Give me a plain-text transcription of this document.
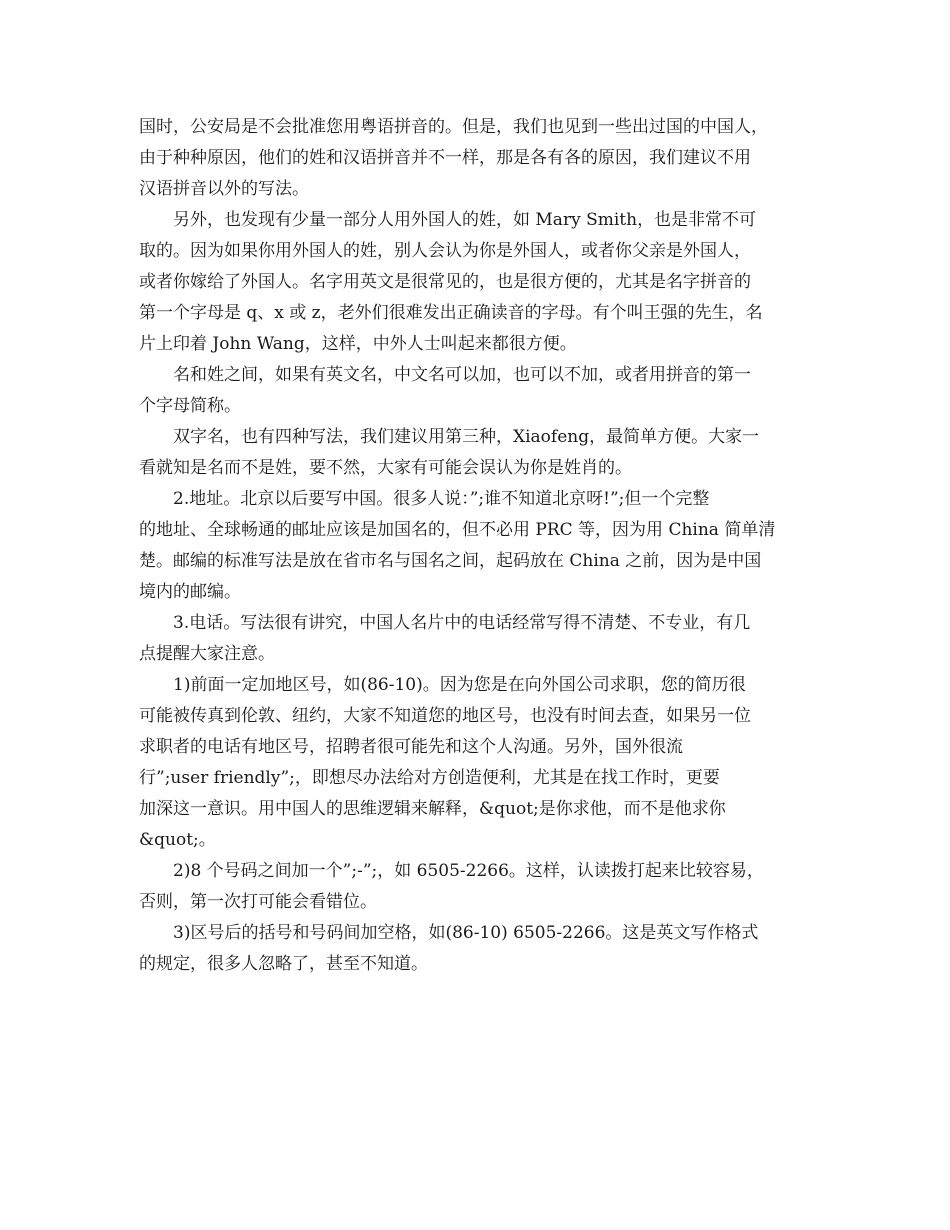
国时，公安局是不会批准您用粤语拼音的。但是，我们也见到一些出过国的中国人，
由于种种原因，他们的姓和汉语拼音并不一样，那是各有各的原因，我们建议不用
汉语拼音以外的写法。
另外，也发现有少量一部分人用外国人的姓，如 Mary Smith，也是非常不可
取的。因为如果你用外国人的姓，别人会认为你是外国人，或者你父亲是外国人，
或者你嫁给了外国人。名字用英文是很常见的，也是很方便的，尤其是名字拼音的
第一个字母是 q、x 或 z，老外们很难发出正确读音的字母。有个叫王强的先生，名
片上印着 John Wang，这样，中外人士叫起来都很方便。
名和姓之间，如果有英文名，中文名可以加，也可以不加，或者用拼音的第一
个字母简称。
双字名，也有四种写法，我们建议用第三种，Xiaofeng，最简单方便。大家一
看就知是名而不是姓，要不然，大家有可能会误认为你是姓肖的。
2.地址。北京以后要写中国。很多人说：”;谁不知道北京呀!”;但一个完整
的地址、全球畅通的邮址应该是加国名的，但不必用 PRC 等，因为用 China 简单清
楚。邮编的标准写法是放在省市名与国名之间，起码放在 China 之前，因为是中国
境内的邮编。
3.电话。写法很有讲究，中国人名片中的电话经常写得不清楚、不专业，有几
点提醒大家注意。
1)前面一定加地区号，如(86-10)。因为您是在向外国公司求职，您的简历很
可能被传真到伦敦、纽约，大家不知道您的地区号，也没有时间去查，如果另一位
求职者的电话有地区号，招聘者很可能先和这个人沟通。另外，国外很流
行”;user friendly”;，即想尽办法给对方创造便利，尤其是在找工作时，更要
加深这一意识。用中国人的思维逻辑来解释，&quot;是你求他，而不是他求你
&quot;。
2)8 个号码之间加一个”;-”;，如 6505-2266。这样，认读拨打起来比较容易，
否则，第一次打可能会看错位。
3)区号后的括号和号码间加空格，如(86-10) 6505-2266。这是英文写作格式
的规定，很多人忽略了，甚至不知道。
